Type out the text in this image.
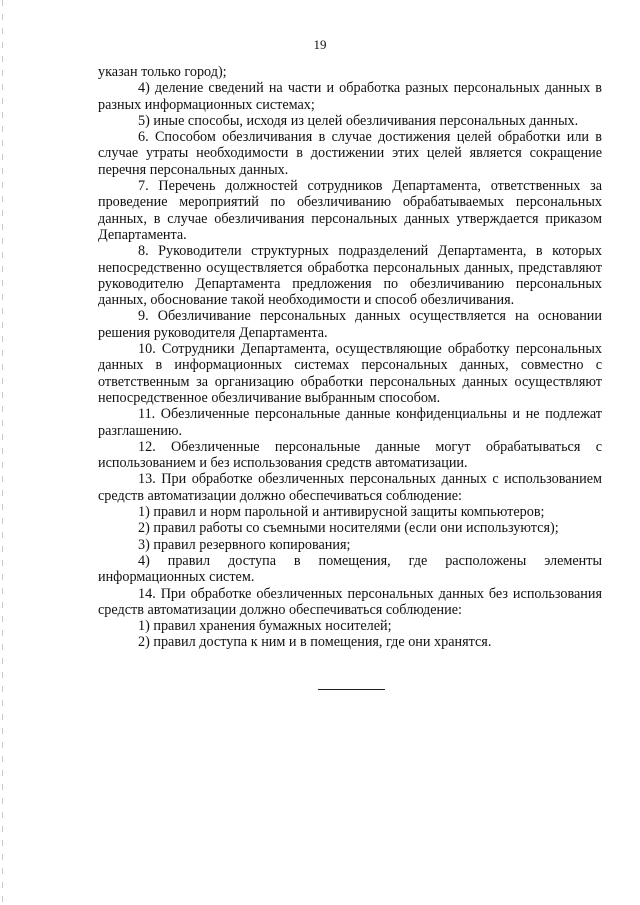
19

указан только город);

4) деление сведений на части и обработка разных персональных данных в разных информационных системах;

5) иные способы, исходя из целей обезличивания персональных данных.

6. Способом обезличивания в случае достижения целей обработки или в случае утраты необходимости в достижении этих целей является сокращение перечня персональных данных.

7. Перечень должностей сотрудников Департамента, ответственных за проведение мероприятий по обезличиванию обрабатываемых персональных данных, в случае обезличивания персональных данных утверждается приказом Департамента.

8. Руководители структурных подразделений Департамента, в которых непосредственно осуществляется обработка персональных данных, представляют руководителю Департамента предложения по обезличиванию персональных данных, обоснование такой необходимости и способ обезличивания.

9. Обезличивание персональных данных осуществляется на основании решения руководителя Департамента.

10. Сотрудники Департамента, осуществляющие обработку персональных данных в информационных системах персональных данных, совместно с ответственным за организацию обработки персональных данных осуществляют непосредственное обезличивание выбранным способом.

11. Обезличенные персональные данные конфиденциальны и не подлежат разглашению.

12. Обезличенные персональные данные могут обрабатываться с использованием и без использования средств автоматизации.

13. При обработке обезличенных персональных данных с использованием средств автоматизации должно обеспечиваться соблюдение:

1) правил и норм парольной и антивирусной защиты компьютеров;

2) правил работы со съемными носителями (если они используются);

3) правил резервного копирования;

4) правил доступа в помещения, где расположены элементы информационных систем.

14. При обработке обезличенных персональных данных без использования средств автоматизации должно обеспечиваться соблюдение:

1) правил хранения бумажных носителей;

2) правил доступа к ним и в помещения, где они хранятся.
